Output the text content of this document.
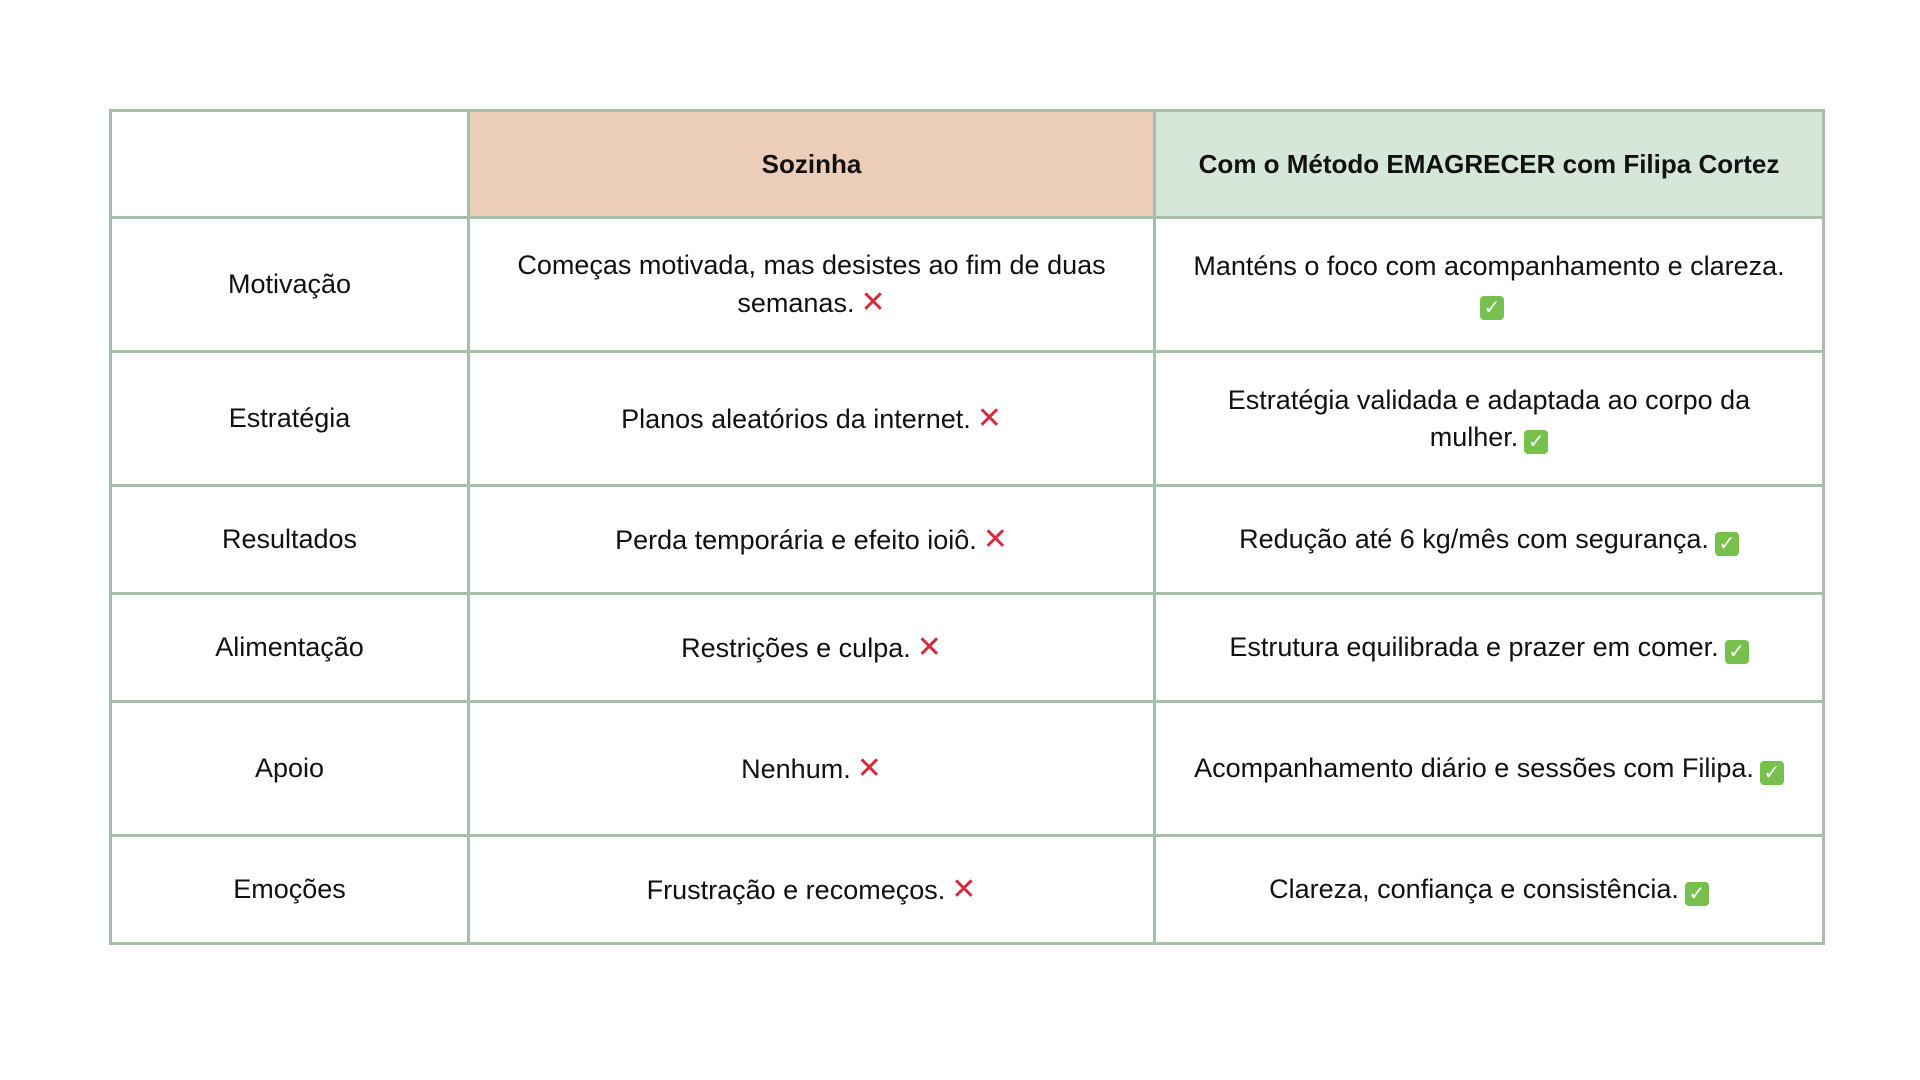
	Sozinha	Com o Método EMAGRECER com Filipa Cortez
Motivação	Começas motivada, mas desistes ao fim de duas semanas. ✕	Manténs o foco com acompanhamento e clareza.✓
Estratégia	Planos aleatórios da internet. ✕	Estratégia validada e adaptada ao corpo da mulher. ✓
Resultados	Perda temporária e efeito ioiô. ✕	Redução até 6 kg/mês com segurança. ✓
Alimentação	Restrições e culpa. ✕	Estrutura equilibrada e prazer em comer. ✓
Apoio	Nenhum. ✕	Acompanhamento diário e sessões com Filipa. ✓
Emoções	Frustração e recomeços. ✕	Clareza, confiança e consistência. ✓
